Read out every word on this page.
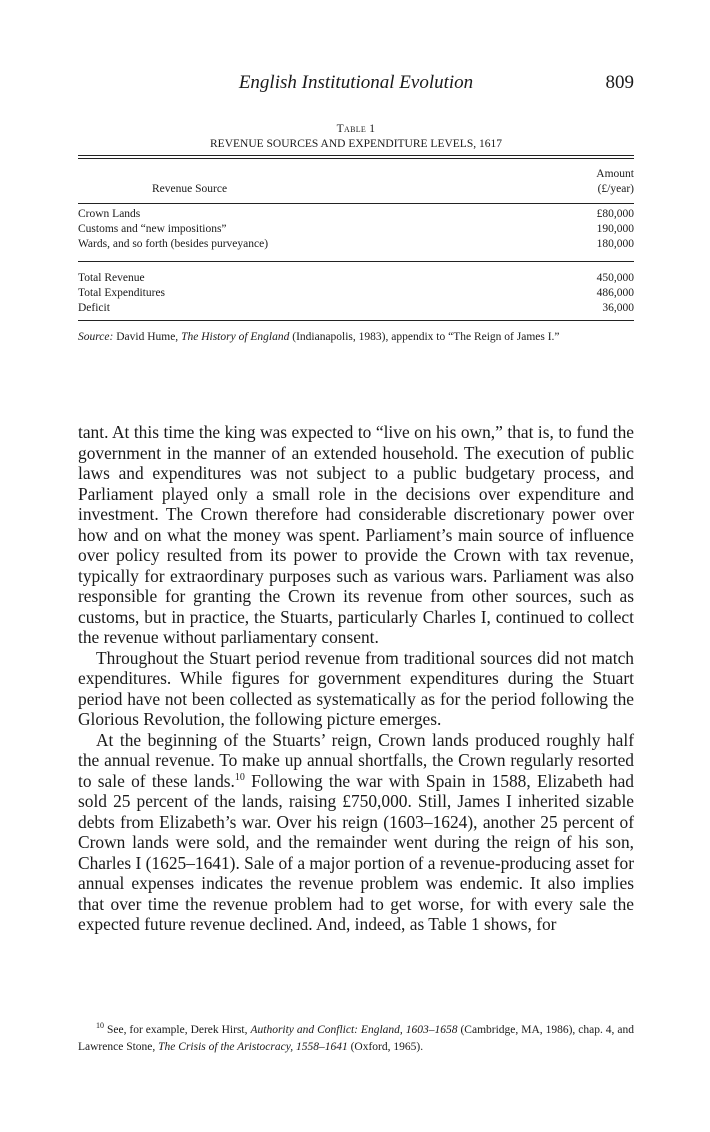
English Institutional Evolution	809
Table 1
REVENUE SOURCES AND EXPENDITURE LEVELS, 1617
Amount
Revenue Source	(£/year)
Crown Lands	£80,000
Customs and “new impositions”	190,000
Wards, and so forth (besides purveyance)	180,000
Total Revenue	450,000
Total Expenditures	486,000
Deficit	36,000
Source: David Hume, The History of England (Indianapolis, 1983), appendix to “The Reign of James I.”

tant. At this time the king was expected to “live on his own,” that is, to fund the government in the manner of an extended household. The execution of public laws and expenditures was not subject to a public budgetary process, and Parliament played only a small role in the decisions over expenditure and investment. The Crown therefore had considerable discretionary power over how and on what the money was spent. Parliament’s main source of influence over policy resulted from its power to provide the Crown with tax revenue, typically for extraordinary purposes such as various wars. Parliament was also responsible for granting the Crown its revenue from other sources, such as customs, but in practice, the Stuarts, particularly Charles I, continued to collect the revenue without parliamentary consent.

Throughout the Stuart period revenue from traditional sources did not match expenditures. While figures for government expenditures during the Stuart period have not been collected as systematically as for the period following the Glorious Revolution, the following picture emerges.

At the beginning of the Stuarts’ reign, Crown lands produced roughly half the annual revenue. To make up annual shortfalls, the Crown regularly resorted to sale of these lands.$^{10}$ Following the war with Spain in 1588, Elizabeth had sold 25 percent of the lands, raising £750,000. Still, James I inherited sizable debts from Elizabeth’s war. Over his reign (1603–1624), another 25 percent of Crown lands were sold, and the remainder went during the reign of his son, Charles I (1625–1641). Sale of a major portion of a revenue-producing asset for annual expenses indicates the revenue problem was endemic. It also implies that over time the revenue problem had to get worse, for with every sale the expected future revenue declined. And, indeed, as Table 1 shows, for

$^{10}$ See, for example, Derek Hirst, Authority and Conflict: England, 1603–1658 (Cambridge, MA, 1986), chap. 4, and Lawrence Stone, The Crisis of the Aristocracy, 1558–1641 (Oxford, 1965).
